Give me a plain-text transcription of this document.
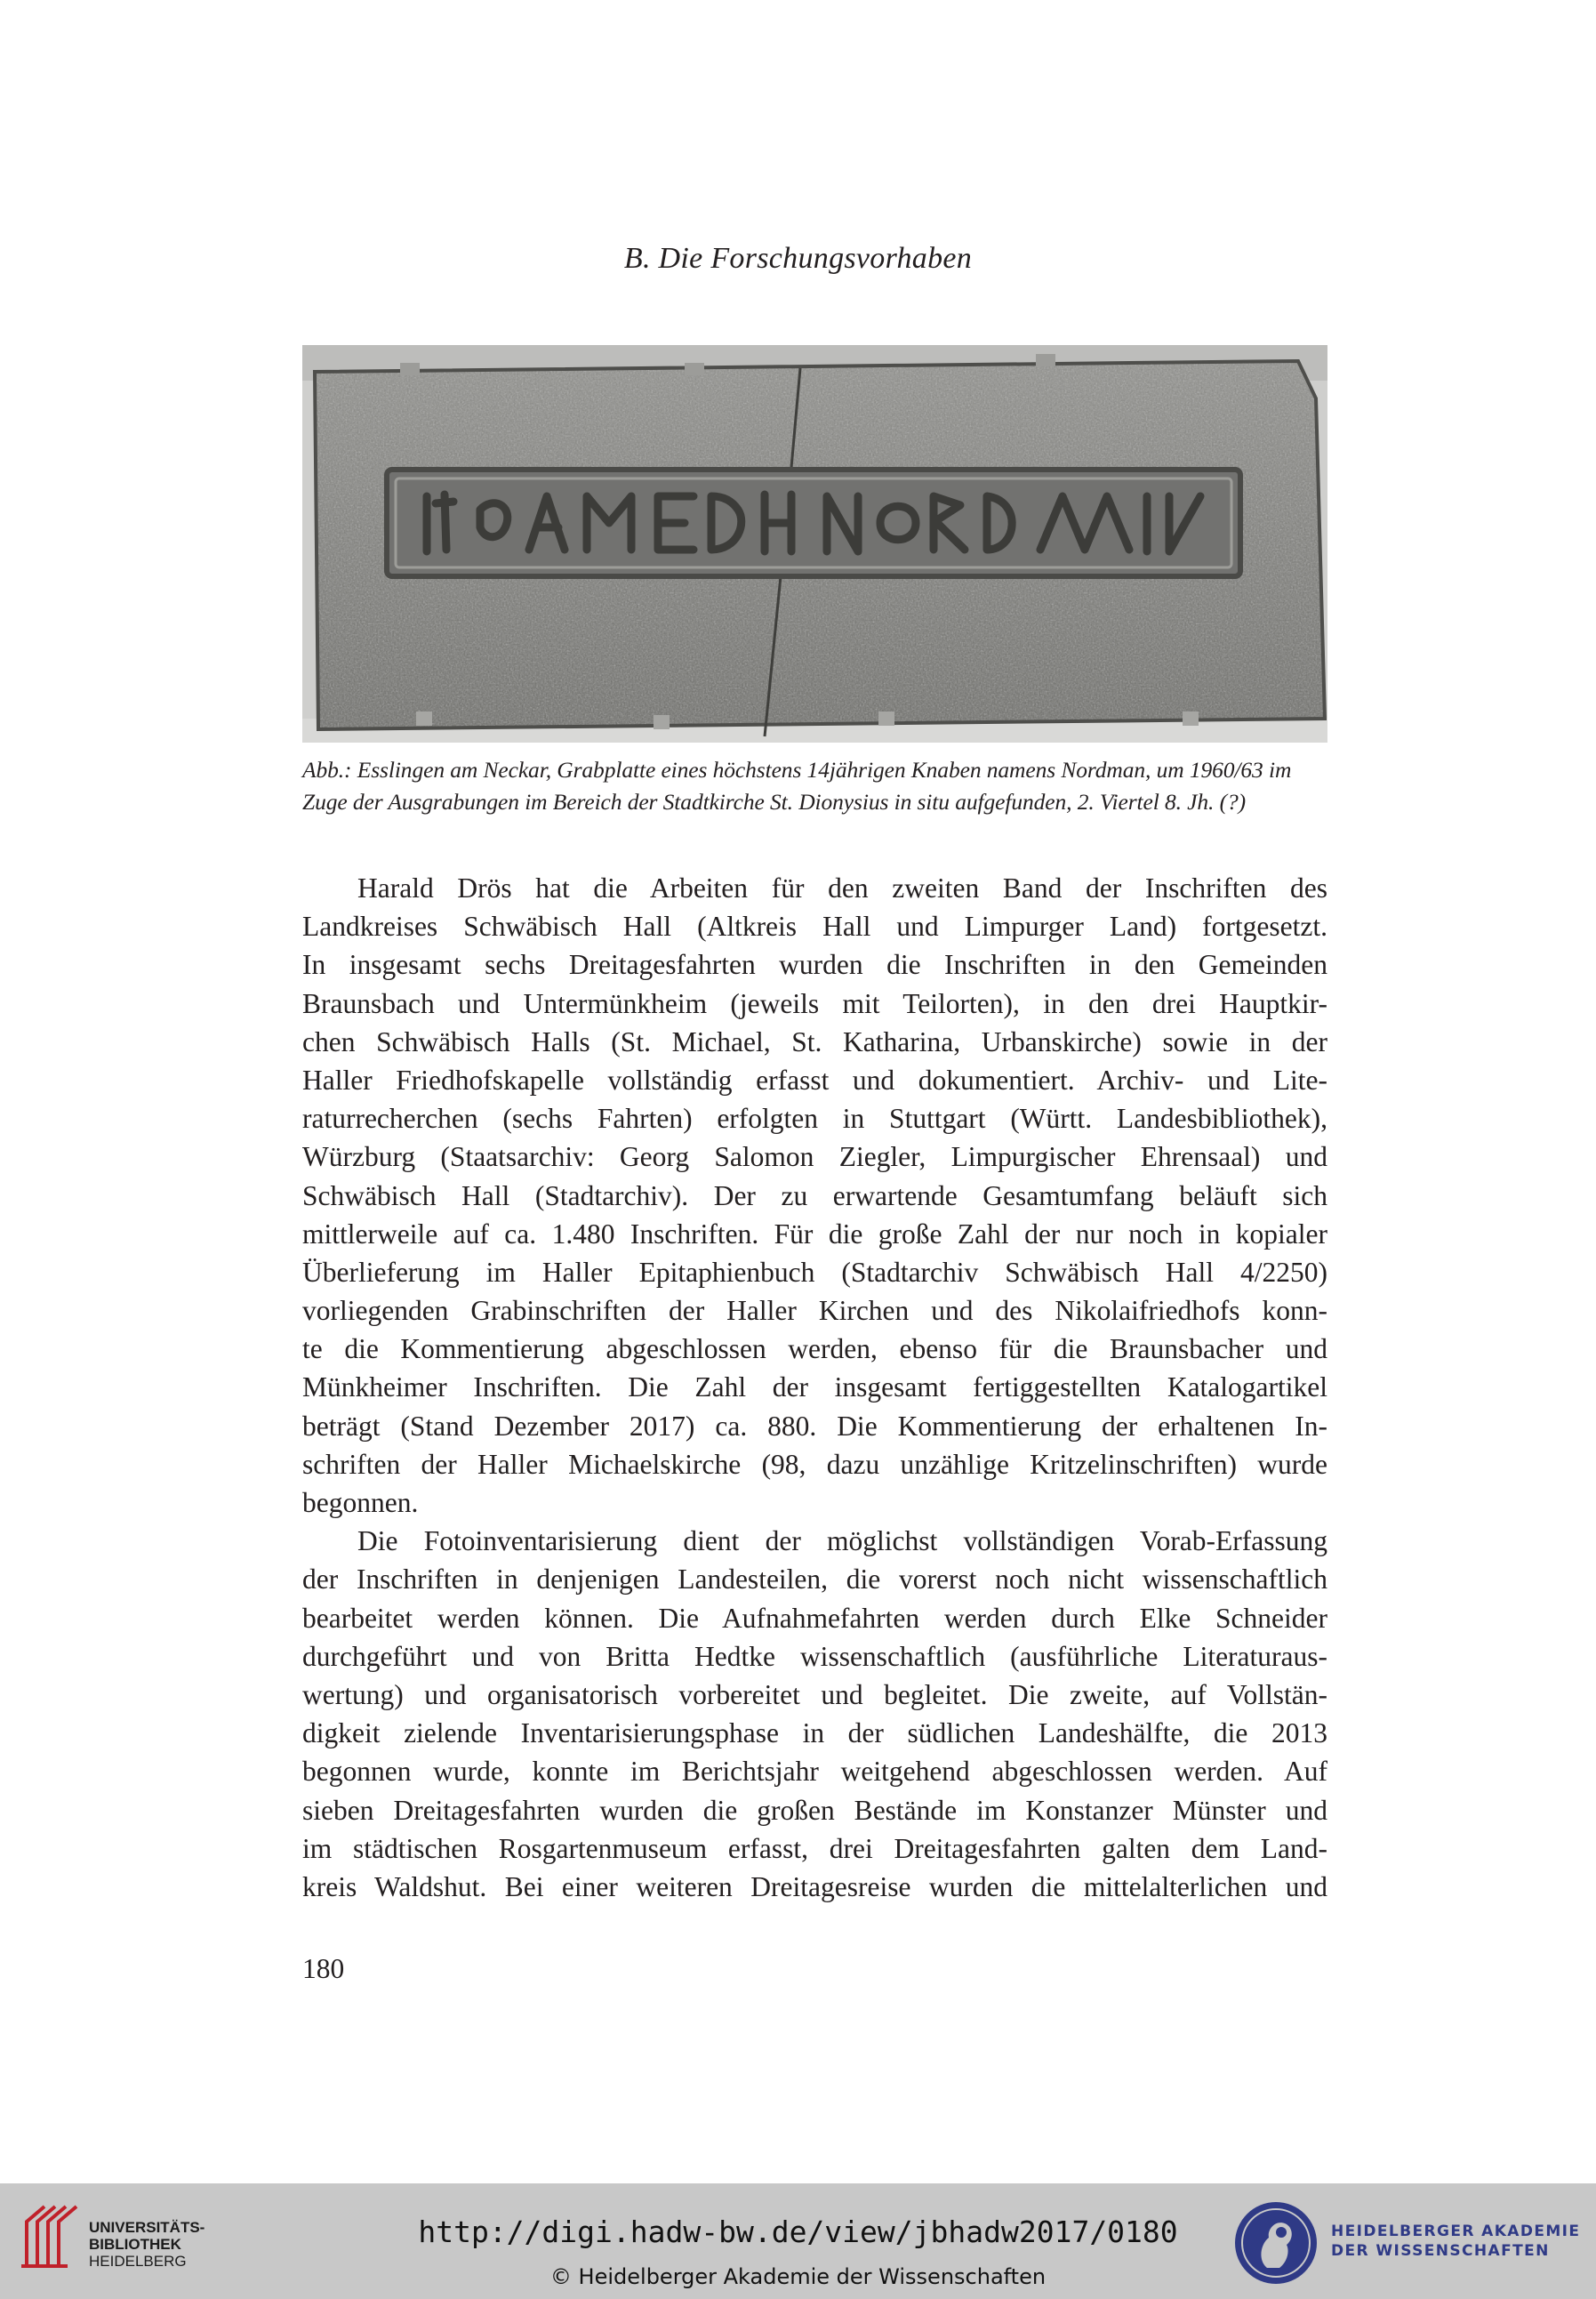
B. Die Forschungsvorhaben

Abb.: Esslingen am Neckar, Grabplatte eines höchstens 14jährigen Knaben namens Nordman, um 1960/63 im

Zuge der Ausgrabungen im Bereich der Stadtkirche St. Dionysius in situ aufgefunden, 2. Viertel 8. Jh. (?)

Harald Drös hat die Arbeiten für den zweiten Band der Inschriften des

Landkreises Schwäbisch Hall (Altkreis Hall und Limpurger Land) fortgesetzt.

In insgesamt sechs Dreitagesfahrten wurden die Inschriften in den Gemeinden

Braunsbach und Untermünkheim (jeweils mit Teilorten), in den drei Hauptkir-

chen Schwäbisch Halls (St. Michael, St. Katharina, Urbanskirche) sowie in der

Haller Friedhofskapelle vollständig erfasst und dokumentiert. Archiv- und Lite-

raturrecherchen (sechs Fahrten) erfolgten in Stuttgart (Württ. Landesbibliothek),

Würzburg (Staatsarchiv: Georg Salomon Ziegler, Limpurgischer Ehrensaal) und

Schwäbisch Hall (Stadtarchiv). Der zu erwartende Gesamtumfang beläuft sich

mittlerweile auf ca. 1.480 Inschriften. Für die große Zahl der nur noch in kopialer

Überlieferung im Haller Epitaphienbuch (Stadtarchiv Schwäbisch Hall 4/2250)

vorliegenden Grabinschriften der Haller Kirchen und des Nikolaifriedhofs konn-

te die Kommentierung abgeschlossen werden, ebenso für die Braunsbacher und

Münkheimer Inschriften. Die Zahl der insgesamt fertiggestellten Katalogartikel

beträgt (Stand Dezember 2017) ca. 880. Die Kommentierung der erhaltenen In-

schriften der Haller Michaelskirche (98, dazu unzählige Kritzelinschriften) wurde

begonnen.

Die Fotoinventarisierung dient der möglichst vollständigen Vorab-Erfassung

der Inschriften in denjenigen Landesteilen, die vorerst noch nicht wissenschaftlich

bearbeitet werden können. Die Aufnahmefahrten werden durch Elke Schneider

durchgeführt und von Britta Hedtke wissenschaftlich (ausführliche Literaturaus-

wertung) und organisatorisch vorbereitet und begleitet. Die zweite, auf Vollstän-

digkeit zielende Inventarisierungsphase in der südlichen Landeshälfte, die 2013

begonnen wurde, konnte im Berichtsjahr weitgehend abgeschlossen werden. Auf

sieben Dreitagesfahrten wurden die großen Bestände im Konstanzer Münster und

im städtischen Rosgartenmuseum erfasst, drei Dreitagesfahrten galten dem Land-

kreis Waldshut. Bei einer weiteren Dreitagesreise wurden die mittelalterlichen und

180
UNIVERSITÄTS-
BIBLIOTHEK
HEIDELBERG
http://digi.hadw-bw.de/view/jbhadw2017/0180
© Heidelberger Akademie der Wissenschaften
HEIDELBERGER AKADEMIE
DER WISSENSCHAFTEN
